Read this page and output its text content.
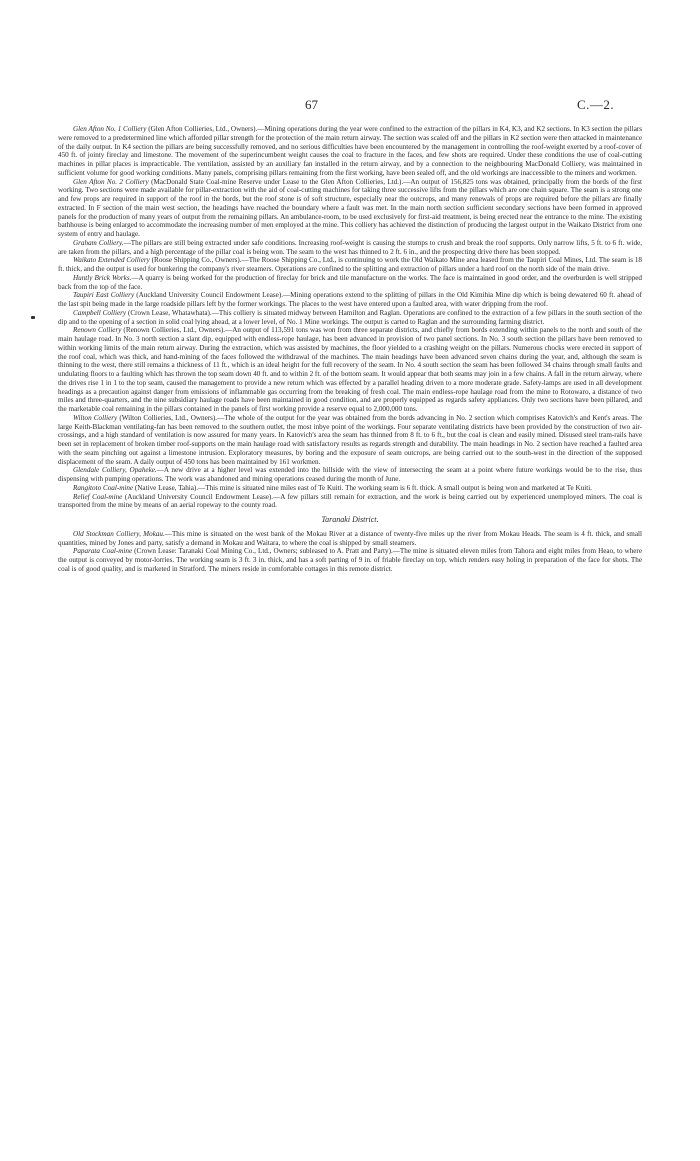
67	C.—2.

Glen Afton No. 1 Colliery (Glen Afton Collieries, Ltd., Owners).—Mining operations during the year were confined to the extraction of the pillars in K4, K3, and K2 sections. In K3 section the pillars were removed to a predetermined line which afforded pillar strength for the protection of the main return airway. The section was scaled off and the pillars in K2 section were then attacked in maintenance of the daily output. In K4 section the pillars are being successfully removed, and no serious difficulties have been encountered by the management in controlling the roof-weight exerted by a roof-cover of 450 ft. of jointy fireclay and limestone. The movement of the superincumbent weight causes the coal to fracture in the faces, and few shots are required. Under these conditions the use of coal-cutting machines in pillar places is impracticable. The ventilation, assisted by an auxiliary fan installed in the return airway, and by a connection to the neighbouring MacDonald Colliery, was maintained in sufficient volume for good working conditions. Many panels, comprising pillars remaining from the first working, have been sealed off, and the old workings are inaccessible to the miners and workmen.

Glen Afton No. 2 Colliery (MacDonald State Coal-mine Reserve under Lease to the Glen Afton Collieries, Ltd.).—An output of 156,825 tons was obtained, principally from the bords of the first working. Two sections were made available for pillar-extraction with the aid of coal-cutting machines for taking three successive lifts from the pillars which are one chain square. The seam is a strong one and few props are required in support of the roof in the bords, but the roof stone is of soft structure, especially near the outcrops, and many renewals of props are required before the pillars are finally extracted. In F section of the main west section, the headings have reached the boundary where a fault was met. In the main north section sufficient secondary sections have been formed in approved panels for the production of many years of output from the remaining pillars. An ambulance-room, to be used exclusively for first-aid treatment, is being erected near the entrance to the mine. The existing bathhouse is being enlarged to accommodate the increasing number of men employed at the mine. This colliery has achieved the distinction of producing the largest output in the Waikato District from one system of entry and haulage.

Graham Colliery.—The pillars are still being extracted under safe conditions. Increasing roof-weight is causing the stumps to crush and break the roof supports. Only narrow lifts, 5 ft. to 6 ft. wide, are taken from the pillars, and a high percentage of the pillar coal is being won. The seam to the west has thinned to 2 ft. 6 in., and the prospecting drive there has been stopped.

Waikato Extended Colliery (Roose Shipping Co., Owners).—The Roose Shipping Co., Ltd., is continuing to work the Old Waikato Mine area leased from the Taupiri Coal Mines, Ltd. The seam is 18 ft. thick, and the output is used for bunkering the company's river steamers. Operations are confined to the splitting and extraction of pillars under a hard roof on the north side of the main drive.

Huntly Brick Works.—A quarry is being worked for the production of fireclay for brick and tile manufacture on the works. The face is maintained in good order, and the overburden is well stripped back from the top of the face.

Taupiri East Colliery (Auckland University Council Endowment Lease).—Mining operations extend to the splitting of pillars in the Old Kimihia Mine dip which is being dewatered 60 ft. ahead of the last spit being made in the large roadside pillars left by the former workings. The places to the west have entered upon a faulted area, with water dripping from the roof.

Campbell Colliery (Crown Lease, Whatawhata).—This colliery is situated midway between Hamilton and Raglan. Operations are confined to the extraction of a few pillars in the south section of the dip and to the opening of a section in solid coal lying ahead, at a lower level, of No. 1 Mine workings. The output is carted to Raglan and the surrounding farming district.

Renown Colliery (Renown Collieries, Ltd., Owners).—An output of 113,591 tons was won from three separate districts, and chiefly from bords extending within panels to the north and south of the main haulage road. In No. 3 north section a slant dip, equipped with endless-rope haulage, has been advanced in provision of two panel sections. In No. 3 south section the pillars have been removed to within working limits of the main return airway. During the extraction, which was assisted by machines, the floor yielded to a crashing weight on the pillars. Numerous chocks were erected in support of the roof coal, which was thick, and hand-mining of the faces followed the withdrawal of the machines. The main headings have been advanced seven chains during the year, and, although the seam is thinning to the west, there still remains a thickness of 11 ft., which is an ideal height for the full recovery of the seam. In No. 4 south section the seam has been followed 34 chains through small faults and undulating floors to a faulting which has thrown the top seam down 40 ft. and to within 2 ft. of the bottom seam. It would appear that both seams may join in a few chains. A fall in the return airway, where the drives rise 1 in 1 to the top seam, caused the management to provide a new return which was effected by a parallel heading driven to a more moderate grade. Safety-lamps are used in all development headings as a precaution against danger from emissions of inflammable gas occurring from the breaking of fresh coal. The main endless-rope haulage road from the mine to Rotowaro, a distance of two miles and three-quarters, and the nine subsidiary haulage roads have been maintained in good condition, and are properly equipped as regards safety appliances. Only two sections have been pillared, and the marketable coal remaining in the pillars contained in the panels of first working provide a reserve equal to 2,000,000 tons.

Wilton Colliery (Wilton Collieries, Ltd., Owners).—The whole of the output for the year was obtained from the bords advancing in No. 2 section which comprises Katovich's and Kent's areas. The large Keith-Blackman ventilating-fan has been removed to the southern outlet, the most inbye point of the workings. Four separate ventilating districts have been provided by the construction of two air-crossings, and a high standard of ventilation is now assured for many years. In Katovich's area the seam has thinned from 8 ft. to 6 ft., but the coal is clean and easily mined. Disused steel tram-rails have been set in replacement of broken timber roof-supports on the main haulage road with satisfactory results as regards strength and durability. The main headings in No. 2 section have reached a faulted area with the seam pinching out against a limestone intrusion. Exploratory measures, by boring and the exposure of seam outcrops, are being carried out to the south-west in the direction of the supposed displacement of the seam. A daily output of 450 tons has been maintained by 161 workmen.

Glendale Colliery, Opaheke.—A new drive at a higher level was extended into the hillside with the view of intersecting the seam at a point where future workings would be to the rise, thus dispensing with pumping operations. The work was abandoned and mining operations ceased during the month of June.

Rangitoto Coal-mine (Native Lease, Tahia).—This mine is situated nine miles east of Te Kuiti. The working seam is 6 ft. thick. A small output is being won and marketed at Te Kuiti.

Relief Coal-mine (Auckland University Council Endowment Lease).—A few pillars still remain for extraction, and the work is being carried out by experienced unemployed miners. The coal is transported from the mine by means of an aerial ropeway to the county road.

Taranaki District.

Old Stockman Colliery, Mokau.—This mine is situated on the west bank of the Mokau River at a distance of twenty-five miles up the river from Mokau Heads. The seam is 4 ft. thick, and small quantities, mined by Jones and party, satisfy a demand in Mokau and Waitara, to where the coal is shipped by small steamers.

Paparata Coal-mine (Crown Lease: Taranaki Coal Mining Co., Ltd., Owners; subleased to A. Pratt and Party).—The mine is situated eleven miles from Tahora and eight miles from Heao, to where the output is conveyed by motor-lorries. The working seam is 3 ft. 3 in. thick, and has a soft parting of 9 in. of friable fireclay on top, which renders easy holing in preparation of the face for shots. The coal is of good quality, and is marketed in Stratford. The miners reside in comfortable cottages in this remote district.
